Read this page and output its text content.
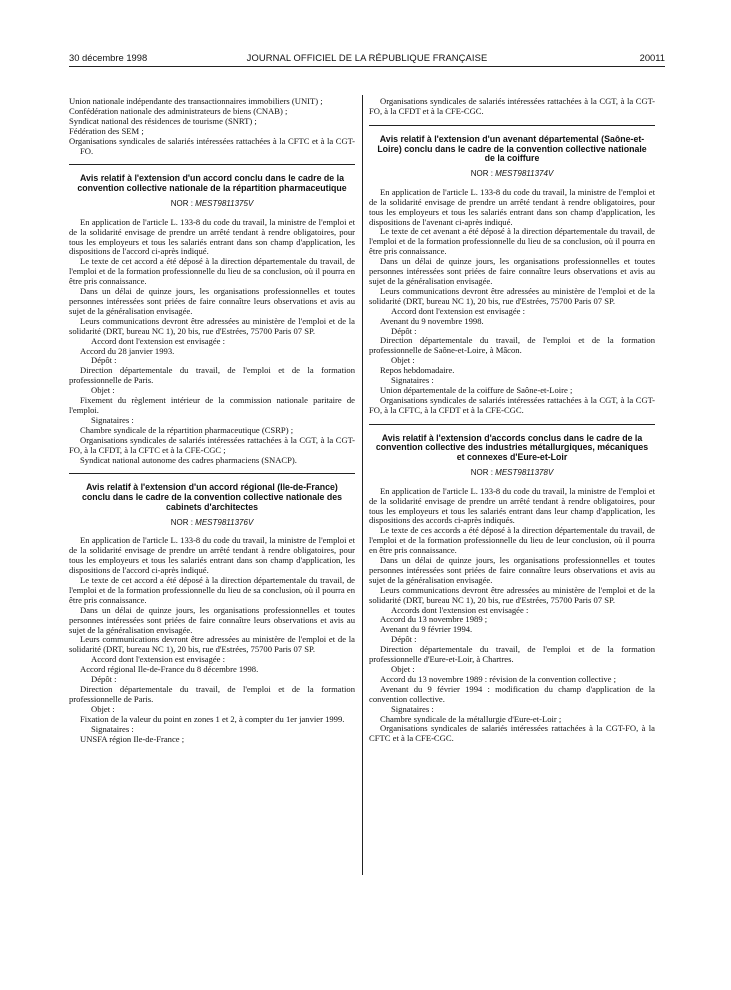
30 décembre 1998	JOURNAL OFFICIEL DE LA RÉPUBLIQUE FRANÇAISE	20011

Union nationale indépendante des transactionnaires immobiliers (UNIT) ;

Confédération nationale des administrateurs de biens (CNAB) ;

Syndicat national des résidences de tourisme (SNRT) ;

Fédération des SEM ;

Organisations syndicales de salariés intéressées rattachées à la CFTC et à la CGT-FO.

Avis relatif à l'extension d'un accord conclu dans le cadre de la convention collective nationale de la répartition pharmaceutique
NOR : MEST9811375V

En application de l'article L. 133-8 du code du travail, la ministre de l'emploi et de la solidarité envisage de prendre un arrêté tendant à rendre obligatoires, pour tous les employeurs et tous les salariés entrant dans son champ d'application, les dispositions de l'accord ci-après indiqué.

Le texte de cet accord a été déposé à la direction départementale du travail, de l'emploi et de la formation professionnelle du lieu de sa conclusion, où il pourra en être pris connaissance.

Dans un délai de quinze jours, les organisations professionnelles et toutes personnes intéressées sont priées de faire connaître leurs observations et avis au sujet de la généralisation envisagée.

Leurs communications devront être adressées au ministère de l'emploi et de la solidarité (DRT, bureau NC 1), 20 bis, rue d'Estrées, 75700 Paris 07 SP.

Accord dont l'extension est envisagée :

Accord du 28 janvier 1993.

Dépôt :

Direction départementale du travail, de l'emploi et de la formation professionnelle de Paris.

Objet :

Fixement du règlement intérieur de la commission nationale paritaire de l'emploi.

Signataires :

Chambre syndicale de la répartition pharmaceutique (CSRP) ;

Organisations syndicales de salariés intéressées rattachées à la CGT, à la CGT-FO, à la CFDT, à la CFTC et à la CFE-CGC ;

Syndicat national autonome des cadres pharmaciens (SNACP).

Avis relatif à l'extension d'un accord régional (Ile-de-France) conclu dans le cadre de la convention collective nationale des cabinets d'architectes
NOR : MEST9811376V

En application de l'article L. 133-8 du code du travail, la ministre de l'emploi et de la solidarité envisage de prendre un arrêté tendant à rendre obligatoires, pour tous les employeurs et tous les salariés entrant dans son champ d'application, les dispositions de l'accord ci-après indiqué.

Le texte de cet accord a été déposé à la direction départementale du travail, de l'emploi et de la formation professionnelle du lieu de sa conclusion, où il pourra en être pris connaissance.

Dans un délai de quinze jours, les organisations professionnelles et toutes personnes intéressées sont priées de faire connaître leurs observations et avis au sujet de la généralisation envisagée.

Leurs communications devront être adressées au ministère de l'emploi et de la solidarité (DRT, bureau NC 1), 20 bis, rue d'Estrées, 75700 Paris 07 SP.

Accord dont l'extension est envisagée :

Accord régional Ile-de-France du 8 décembre 1998.

Dépôt :

Direction départementale du travail, de l'emploi et de la formation professionnelle de Paris.

Objet :

Fixation de la valeur du point en zones 1 et 2, à compter du 1er janvier 1999.

Signataires :

UNSFA région Ile-de-France ;

Organisations syndicales de salariés intéressées rattachées à la CGT, à la CGT-FO, à la CFDT et à la CFE-CGC.

Avis relatif à l'extension d'un avenant départemental (Saône-et-Loire) conclu dans le cadre de la convention collective nationale de la coiffure
NOR : MEST9811374V

En application de l'article L. 133-8 du code du travail, la ministre de l'emploi et de la solidarité envisage de prendre un arrêté tendant à rendre obligatoires, pour tous les employeurs et tous les salariés entrant dans son champ d'application, les dispositions de l'avenant ci-après indiqué.

Le texte de cet avenant a été déposé à la direction départementale du travail, de l'emploi et de la formation professionnelle du lieu de sa conclusion, où il pourra en être pris connaissance.

Dans un délai de quinze jours, les organisations professionnelles et toutes personnes intéressées sont priées de faire connaître leurs observations et avis au sujet de la généralisation envisagée.

Leurs communications devront être adressées au ministère de l'emploi et de la solidarité (DRT, bureau NC 1), 20 bis, rue d'Estrées, 75700 Paris 07 SP.

Accord dont l'extension est envisagée :

Avenant du 9 novembre 1998.

Dépôt :

Direction départementale du travail, de l'emploi et de la formation professionnelle de Saône-et-Loire, à Mâcon.

Objet :

Repos hebdomadaire.

Signataires :

Union départementale de la coiffure de Saône-et-Loire ;

Organisations syndicales de salariés intéressées rattachées à la CGT, à la CGT-FO, à la CFTC, à la CFDT et à la CFE-CGC.

Avis relatif à l'extension d'accords conclus dans le cadre de la convention collective des industries métallurgiques, mécaniques et connexes d'Eure-et-Loir
NOR : MEST9811378V

En application de l'article L. 133-8 du code du travail, la ministre de l'emploi et de la solidarité envisage de prendre un arrêté tendant à rendre obligatoires, pour tous les employeurs et tous les salariés entrant dans leur champ d'application, les dispositions des accords ci-après indiqués.

Le texte de ces accords a été déposé à la direction départementale du travail, de l'emploi et de la formation professionnelle du lieu de leur conclusion, où il pourra en être pris connaissance.

Dans un délai de quinze jours, les organisations professionnelles et toutes personnes intéressées sont priées de faire connaître leurs observations et avis au sujet de la généralisation envisagée.

Leurs communications devront être adressées au ministère de l'emploi et de la solidarité (DRT, bureau NC 1), 20 bis, rue d'Estrées, 75700 Paris 07 SP.

Accords dont l'extension est envisagée :

Accord du 13 novembre 1989 ;

Avenant du 9 février 1994.

Dépôt :

Direction départementale du travail, de l'emploi et de la formation professionnelle d'Eure-et-Loir, à Chartres.

Objet :

Accord du 13 novembre 1989 : révision de la convention collective ;

Avenant du 9 février 1994 : modification du champ d'application de la convention collective.

Signataires :

Chambre syndicale de la métallurgie d'Eure-et-Loir ;

Organisations syndicales de salariés intéressées rattachées à la CGT-FO, à la CFTC et à la CFE-CGC.
